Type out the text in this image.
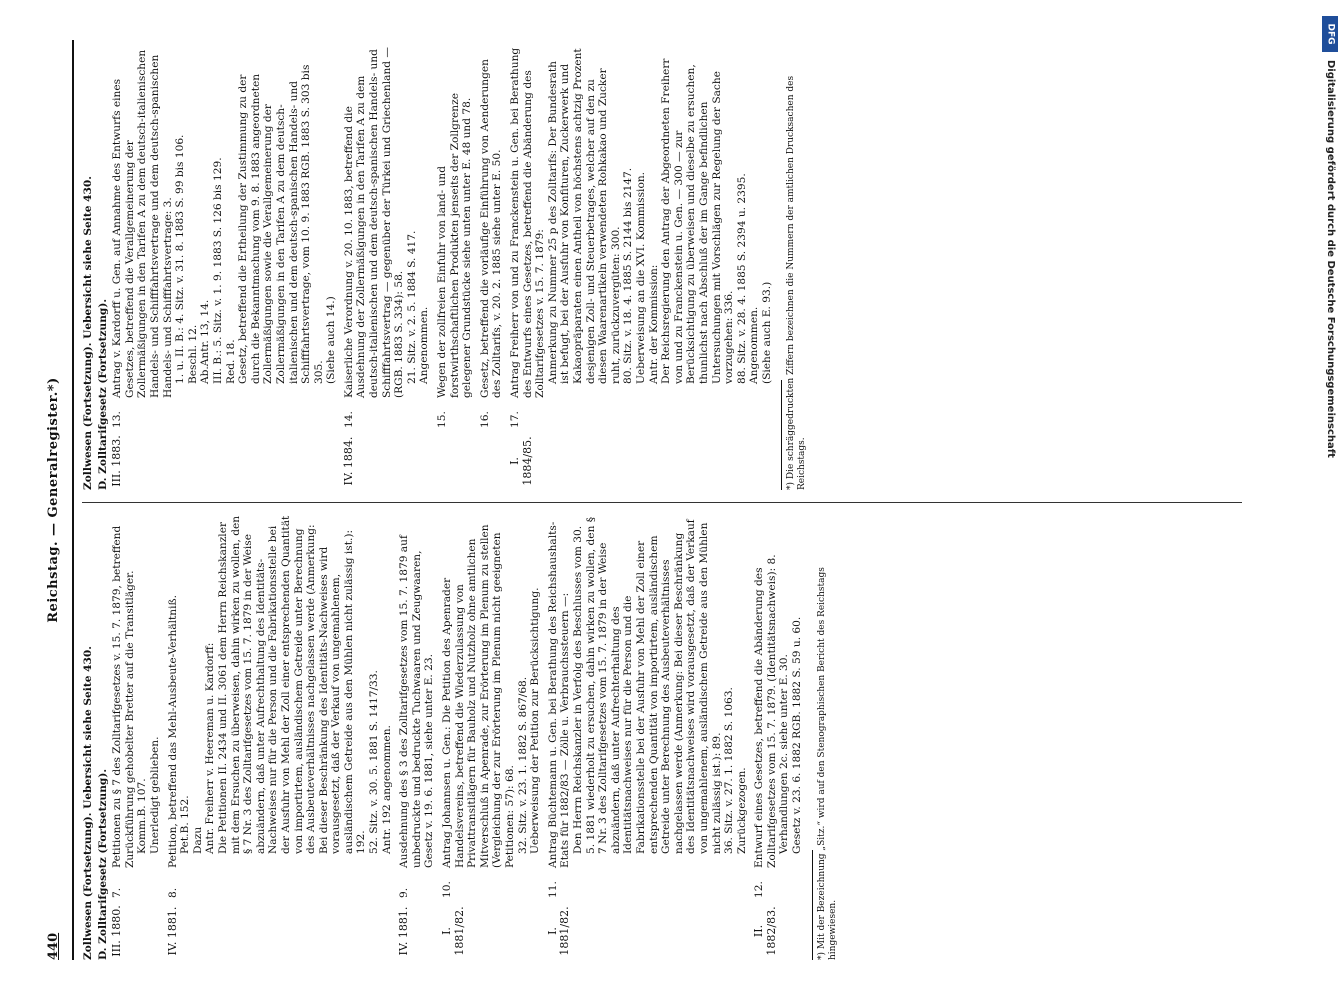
440
Reichstag. — Generalregister.*)
Zollwesen (Fortsetzung). Uebersicht siehe Seite 430. D. Zolltarifgesetz (Fortsetzung). III. 1880.
7.
Petitionen zu § 7 des Zolltarifgesetzes v. 15. 7. 1879, betreffend Zurückführung gehobelter Bretter auf die Transitläger. Komm.B. 107. Unerledigt geblieben.
IV. 1881.
8.
Petition, betreffend das Mehl-Ausbeute-Verhältniß. Pet.B. 152. Dazu Antr. Freiherr v. Heereman u. Kardorff: Die Petitionen II. 2434 und II. 3061 dem Herrn Reichskanzler mit dem Ersuchen zu überweisen, dahin wirken zu wollen, den § 7 Nr. 3 des Zolltarifgesetzes vom 15. 7. 1879 in der Weise abzuändern, daß unter Aufrechthaltung des Identitäts-Nachweises nur für die Person und die Fabrikationsstelle bei der Ausfuhr von Mehl der Zoll einer entsprechenden Quantität von importirtem, ausländischem Getreide unter Berechnung des Ausbeuteverhältnisses nachgelassen werde (Anmerkung: Bei dieser Beschränkung des Identitäts-Nachweises wird vorausgesetzt, daß der Verkauf von ungemahlenem, ausländischem Getreide aus den Mühlen nicht zulässig ist.): 192. 52. Sitz. v. 30. 5. 1881 S. 1417/33. Antr. 192 angenommen.
IV. 1881.
9.
Ausdehnung des § 3 des Zolltarifgesetzes vom 15. 7. 1879 auf unbedruckte und bedruckte Tuchwaaren und Zeugwaaren, Gesetz v. 19. 6. 1881, siehe unter E. 23.
I. 1881/82.
10.
Antrag Johannsen u. Gen.: Die Petition des Apenrader Handelsvereins, betreffend die Wiederzulassung von Privattransitlägern für Bauholz und Nutzholz ohne amtlichen Mitverschluß in Apenrade, zur Erörterung im Plenum zu stellen (Vergleichung der zur Erörterung im Plenum nicht geeigneten Petitionen: 57): 68. 32. Sitz. v. 23. 1. 1882 S. 867/68. Ueberweisung der Petition zur Berücksichtigung.
I. 1881/82.
11.
Antrag Büchtemann u. Gen. bei Berathung des Reichshaushalts-Etats für 1882/83 — Zölle u. Verbrauchssteuern —: Den Herrn Reichskanzler in Verfolg des Beschlusses vom 30. 5. 1881 wiederholt zu ersuchen, dahin wirken zu wollen, den § 7 Nr. 3 des Zolltarifgesetzes vom 15. 7. 1879 in der Weise abzuändern, daß unter Aufrechterhaltung des Identitätsnachweises nur für die Person und die Fabrikationsstelle bei der Ausfuhr von Mehl der Zoll einer entsprechenden Quantität von importirtem, ausländischem Getreide unter Berechnung des Ausbeuteverhältnisses nachgelassen werde (Anmerkung: Bei dieser Beschränkung des Identitätsnachweises wird vorausgesetzt, daß der Verkauf von ungemahlenem, ausländischem Getreide aus den Mühlen nicht zulässig ist.): 89. 36. Sitz. v. 27. 1. 1882 S. 1063. Zurückgezogen.
II. 1882/83.
12.
Entwurf eines Gesetzes, betreffend die Abänderung des Zolltarifgesetzes vom 15. 7. 1879. (Identitätsnachweis): 8. Verhandlungen 2c. siehe unter E. 30. Gesetz v. 23. 6. 1882 RGB. 1882 S. 59 u. 60. *) Mit der Bezeichnung „Sitz.“ wird auf den Stenographischen Bericht des Reichstags hingewiesen.
Zollwesen (Fortsetzung). Uebersicht siehe Seite 430. D. Zolltarifgesetz (Fortsetzung). III. 1883.
13.
Antrag v. Kardorff u. Gen. auf Annahme des Entwurfs eines Gesetzes, betreffend die Verallgemeinerung der Zollermäßigungen in den Tarifen A zu dem deutsch-italienischen Handels- und Schifffahrtsvertrage und dem deutsch-spanischen Handels- und Schifffahrtsvertrage: 3. 1. u. II. B.: 4. Sitz. v. 31. 8. 1883 S. 99 bis 106. Beschl. 12. Ab.Antr. 13, 14. III. B.: 5. Sitz. v. 1. 9. 1883 S. 126 bis 129. Red. 18. Gesetz, betreffend die Ertheilung der Zustimmung zu der durch die Bekanntmachung vom 9. 8. 1883 angeordneten Zollermäßigungen sowie die Verallgemeinerung der Zollermäßigungen in den Tarifen A zu dem deutsch-italienischen und dem deutsch-spanischen Handels- und Schifffahrtsvertrage, vom 10. 9. 1883 RGB. 1883 S. 303 bis 305. (Siehe auch 14.)
IV. 1884.
14.
Kaiserliche Verordnung v. 20. 10. 1883, betreffend die Ausdehnung der Zollermäßigungen in den Tarifen A zu dem deutsch-italienischen und dem deutsch-spanischen Handels- und Schifffahrtsvertrag — gegenüber der Türkei und Griechenland — (RGB. 1883 S. 334): 58. 21. Sitz. v. 2. 5. 1884 S. 417. Angenommen.
15.
Wegen der zollfreien Einfuhr von land- und forstwirthschaftlichen Produkten jenseits der Zollgrenze gelegener Grundstücke siehe unten unter E. 48 und 78.
16.
Gesetz, betreffend die vorläufige Einführung von Aenderungen des Zolltarifs, v. 20. 2. 1885 siehe unter E. 50.
I. 1884/85.
17.
Antrag Freiherr von und zu Franckenstein u. Gen. bei Berathung des Entwurfs eines Gesetzes, betreffend die Abänderung des Zolltarifgesetzes v. 15. 7. 1879: Anmerkung zu Nummer 25 p des Zolltarifs: Der Bundesrath ist befugt, bei der Ausfuhr von Konfituren, Zuckerwerk und Kakaopräparaten einen Antheil von höchstens achtzig Prozent desjenigen Zoll- und Steuerbetrages, welcher auf den zu diesen Waarenartikeln verwendeten Rohkakao und Zucker ruht, zurückzuvergüten: 300. 80. Sitz. v. 18. 4. 1885 S. 2144 bis 2147. Ueberweisung an die XVI. Kommission. Antr. der Kommission: Der Reichsregierung den Antrag der Abgeordneten Freiherr von und zu Franckenstein u. Gen. — 300 — zur Berücksichtigung zu überweisen und dieselbe zu ersuchen, thunlichst nach Abschluß der im Gange befindlichen Untersuchungen mit Vorschlägen zur Regelung der Sache vorzugehen: 336. 88. Sitz. v. 28. 4. 1885 S. 2394 u. 2395. Angenommen. (Siehe auch E. 93.) *) Die schräggedruckten Ziffern bezeichnen die Nummern der amtlichen Drucksachen des Reichstags.
DFG
Digitalisierung gefördert durch die Deutsche Forschungsgemeinschaft
